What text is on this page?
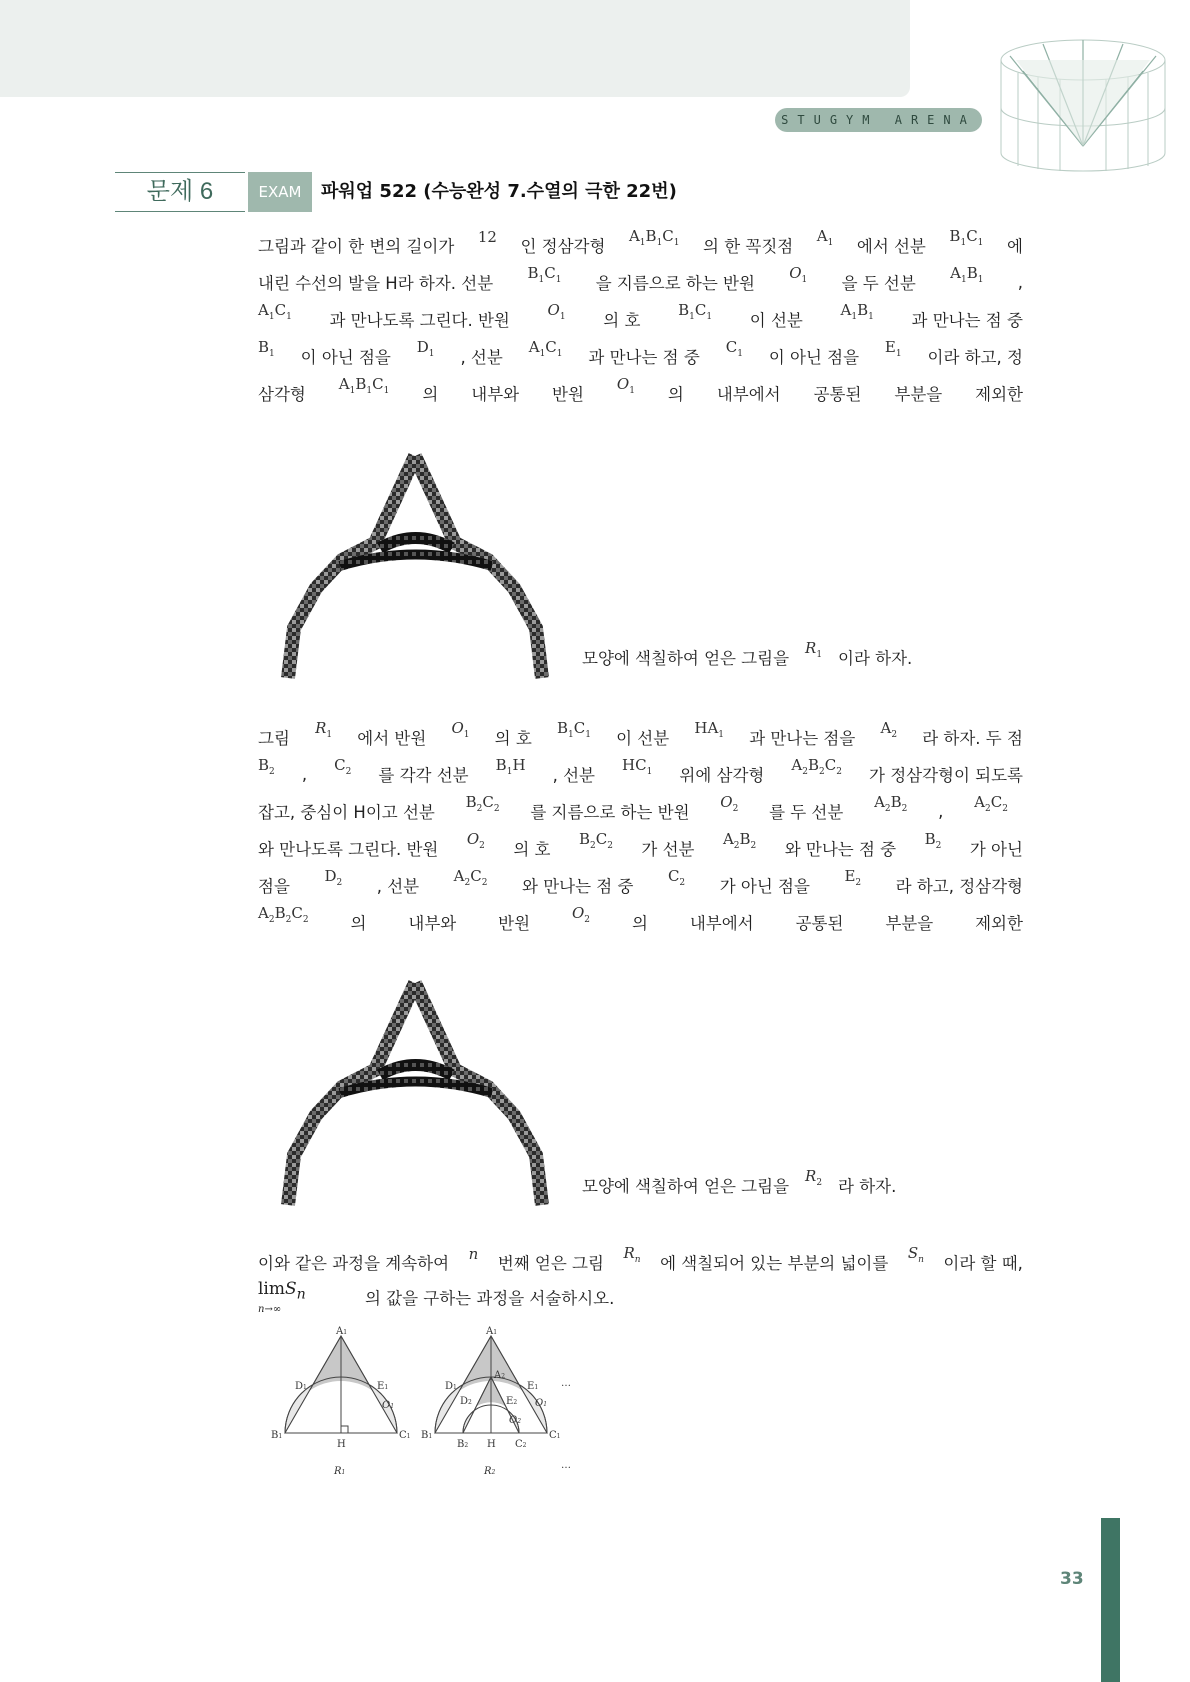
STUGYM ARENA
문제 6	EXAM	파워업 522 (수능완성 7.수열의 극한 22번)
그림과 같이 한 변의 길이가 12 인 정삼각형
$A_1B_1C_1$ 의 한 꼭짓점
$A_1$ 에서 선분
$B_1C_1$ 에
내린 수선의 발을 H라 하자. 선분
$B_1C_1$ 을 지름으로 하는 반원
$O_1$ 을 두 선분
$A_1B_1$ ,
$A_1C_1$ 과 만나도록 그린다. 반원
$O_1$ 의 호
$B_1C_1$ 이 선분
$A_1B_1$ 과 만나는 점 중
$B_1$ 이 아닌 점을
$D_1$ , 선분
$A_1C_1$ 과 만나는 점 중
$C_1$ 이 아닌 점을
$E_1$ 이라 하고, 정
삼각형
$A_1B_1C_1$ 의 내부와 반원
$O_1$ 의 내부에서 공통된 부분을 제외한
모양에 색칠하여 얻은 그림을
$R_1$ 이라 하자.
그림
$R_1$ 에서 반원
$O_1$ 의 호
$B_1C_1$ 이 선분
$HA_1$ 과 만나는 점을
$A_2$ 라 하자. 두 점
$B_2$ , $C_2$ 를 각각 선분
$B_1H$
, 선분
$HC_1$ 위에 삼각형
$A_2B_2C_2$ 가 정삼각형이 되도록
잡고, 중심이 H이고 선분
$B_2C_2$ 를 지름으로 하는 반원
$O_2$ 를 두 선분
$A_2B_2$ , $A_2C_2$
와 만나도록 그린다. 반원
$O_2$ 의 호
$B_2C_2$ 가 선분
$A_2B_2$ 와 만나는 점 중
$B_2$ 가 아닌
점을
$D_2$ , 선분
$A_2C_2$ 와 만나는 점 중
$C_2$ 가 아닌 점을
$E_2$ 라 하고, 정삼각형
$A_2B_2C_2$	의	내부와	반원
$O_2$	의	내부에서	공통된	부분을	제외한
모양에 색칠하여 얻은 그림을
$R_2$ 라 하자.
이와 같은 과정을 계속하여 n 번째 얻은 그림
$R_n$ 에 색칠되어 있는 부분의 넓이를
$S_n$ 이라 할 때,
limS$_n$
n→∞
의 값을 구하는 과정을 서술하시오.
A1
D1	E1
O1
B1
H
C1
R1
A1
D1
A2
E1
D2	E2 O1
O2
B1
B2 H C2
C1
R2
…
…
33
